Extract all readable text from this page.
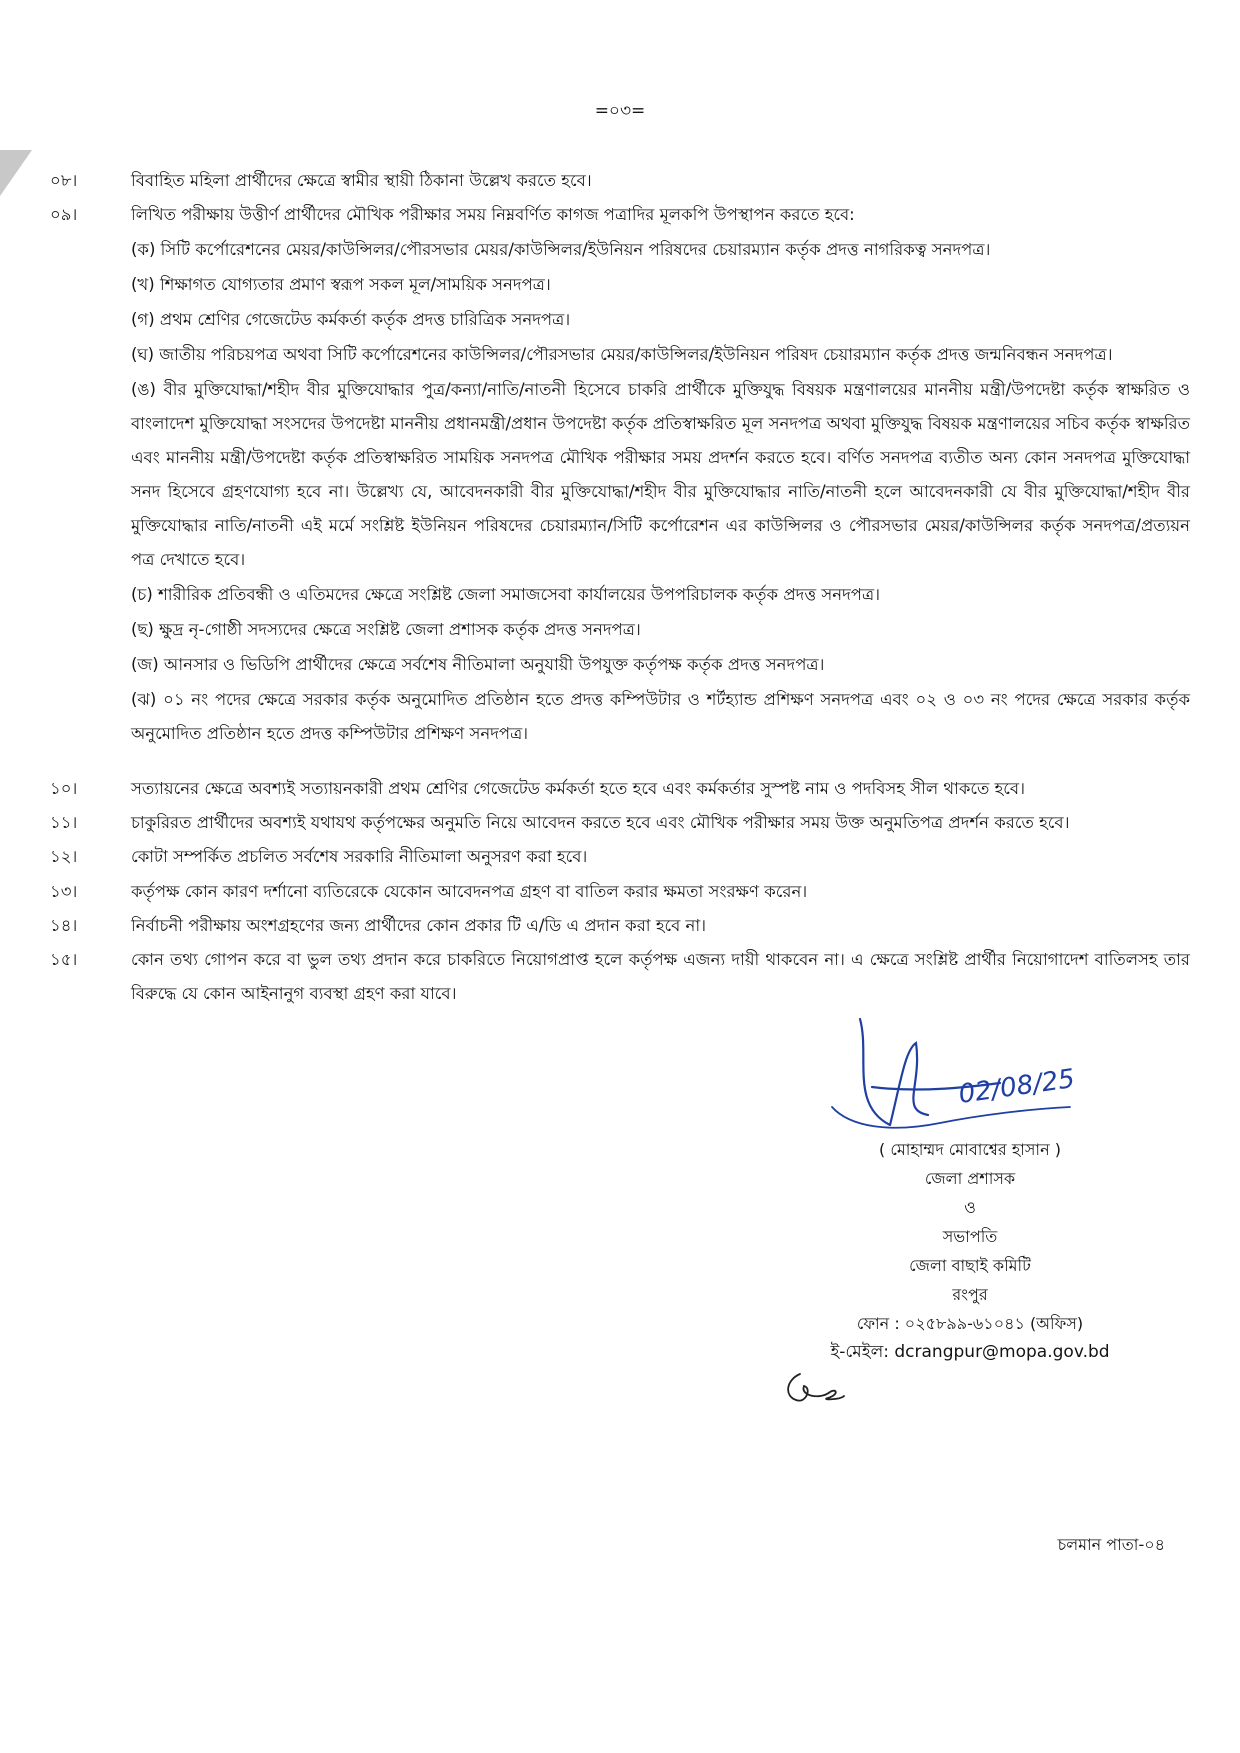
=০৩=
০৮।	বিবাহিত মহিলা প্রার্থীদের ক্ষেত্রে স্বামীর স্থায়ী ঠিকানা উল্লেখ করতে হবে।
০৯।	লিখিত পরীক্ষায় উত্তীর্ণ প্রার্থীদের মৌখিক পরীক্ষার সময় নিম্নবর্ণিত কাগজ পত্রাদির মূলকপি উপস্থাপন করতে হবে:
(ক) সিটি কর্পোরেশনের মেয়র/কাউন্সিলর/পৌরসভার মেয়র/কাউন্সিলর/ইউনিয়ন পরিষদের চেয়ারম্যান কর্তৃক প্রদত্ত নাগরিকত্ব সনদপত্র।
(খ) শিক্ষাগত যোগ্যতার প্রমাণ স্বরূপ সকল মূল/সাময়িক সনদপত্র।
(গ) প্রথম শ্রেণির গেজেটেড কর্মকর্তা কর্তৃক প্রদত্ত চারিত্রিক সনদপত্র।
(ঘ) জাতীয় পরিচয়পত্র অথবা সিটি কর্পোরেশনের কাউন্সিলর/পৌরসভার মেয়র/কাউন্সিলর/ইউনিয়ন পরিষদ চেয়ারম্যান কর্তৃক প্রদত্ত জন্মনিবন্ধন সনদপত্র।
(ঙ) বীর মুক্তিযোদ্ধা/শহীদ বীর মুক্তিযোদ্ধার পুত্র/কন্যা/নাতি/নাতনী হিসেবে চাকরি প্রার্থীকে মুক্তিযুদ্ধ বিষয়ক মন্ত্রণালয়ের মাননীয় মন্ত্রী/উপদেষ্টা কর্তৃক স্বাক্ষরিত ও বাংলাদেশ মুক্তিযোদ্ধা সংসদের উপদেষ্টা মাননীয় প্রধানমন্ত্রী/প্রধান উপদেষ্টা কর্তৃক প্রতিস্বাক্ষরিত মূল সনদপত্র অথবা মুক্তিযুদ্ধ বিষয়ক মন্ত্রণালয়ের সচিব কর্তৃক স্বাক্ষরিত এবং মাননীয় মন্ত্রী/উপদেষ্টা কর্তৃক প্রতিস্বাক্ষরিত সাময়িক সনদপত্র মৌখিক পরীক্ষার সময় প্রদর্শন করতে হবে। বর্ণিত সনদপত্র ব্যতীত অন্য কোন সনদপত্র মুক্তিযোদ্ধা সনদ হিসেবে গ্রহণযোগ্য হবে না। উল্লেখ্য যে, আবেদনকারী বীর মুক্তিযোদ্ধা/শহীদ বীর মুক্তিযোদ্ধার নাতি/নাতনী হলে আবেদনকারী যে বীর মুক্তিযোদ্ধা/শহীদ বীর মুক্তিযোদ্ধার নাতি/নাতনী এই মর্মে সংশ্লিষ্ট ইউনিয়ন পরিষদের চেয়ারম্যান/সিটি কর্পোরেশন এর কাউন্সিলর ও পৌরসভার মেয়র/কাউন্সিলর কর্তৃক সনদপত্র/প্রত্যয়ন পত্র দেখাতে হবে।
(চ) শারীরিক প্রতিবন্ধী ও এতিমদের ক্ষেত্রে সংশ্লিষ্ট জেলা সমাজসেবা কার্যালয়ের উপপরিচালক কর্তৃক প্রদত্ত সনদপত্র।
(ছ) ক্ষুদ্র নৃ-গোষ্ঠী সদস্যদের ক্ষেত্রে সংশ্লিষ্ট জেলা প্রশাসক কর্তৃক প্রদত্ত সনদপত্র।
(জ) আনসার ও ভিডিপি প্রার্থীদের ক্ষেত্রে সর্বশেষ নীতিমালা অনুযায়ী উপযুক্ত কর্তৃপক্ষ কর্তৃক প্রদত্ত সনদপত্র।
(ঝ) ০১ নং পদের ক্ষেত্রে সরকার কর্তৃক অনুমোদিত প্রতিষ্ঠান হতে প্রদত্ত কম্পিউটার ও শর্টহ্যান্ড প্রশিক্ষণ সনদপত্র এবং ০২ ও ০৩ নং পদের ক্ষেত্রে সরকার কর্তৃক অনুমোদিত প্রতিষ্ঠান হতে প্রদত্ত কম্পিউটার প্রশিক্ষণ সনদপত্র।
১০।	সত্যায়নের ক্ষেত্রে অবশ্যই সত্যায়নকারী প্রথম শ্রেণির গেজেটেড কর্মকর্তা হতে হবে এবং কর্মকর্তার সুস্পষ্ট নাম ও পদবিসহ সীল থাকতে হবে।
১১।	চাকুরিরত প্রার্থীদের অবশ্যই যথাযথ কর্তৃপক্ষের অনুমতি নিয়ে আবেদন করতে হবে এবং মৌখিক পরীক্ষার সময় উক্ত অনুমতিপত্র প্রদর্শন করতে হবে।
১২।	কোটা সম্পর্কিত প্রচলিত সর্বশেষ সরকারি নীতিমালা অনুসরণ করা হবে।
১৩।	কর্তৃপক্ষ কোন কারণ দর্শানো ব্যতিরেকে যেকোন আবেদনপত্র গ্রহণ বা বাতিল করার ক্ষমতা সংরক্ষণ করেন।
১৪।	নির্বাচনী পরীক্ষায় অংশগ্রহণের জন্য প্রার্থীদের কোন প্রকার টি এ/ডি এ প্রদান করা হবে না।
১৫।	কোন তথ্য গোপন করে বা ভুল তথ্য প্রদান করে চাকরিতে নিয়োগপ্রাপ্ত হলে কর্তৃপক্ষ এজন্য দায়ী থাকবেন না। এ ক্ষেত্রে সংশ্লিষ্ট প্রার্থীর নিয়োগাদেশ বাতিলসহ তার বিরুদ্ধে যে কোন আইনানুগ ব্যবস্থা গ্রহণ করা যাবে।
02/08/25
( মোহাম্মদ মোবাশ্বের হাসান )
জেলা প্রশাসক
ও
সভাপতি
জেলা বাছাই কমিটি
রংপুর
ফোন : ০২৫৮৯৯-৬১০৪১ (অফিস)
ই-মেইল: dcrangpur@mopa.gov.bd
চলমান পাতা-০৪
